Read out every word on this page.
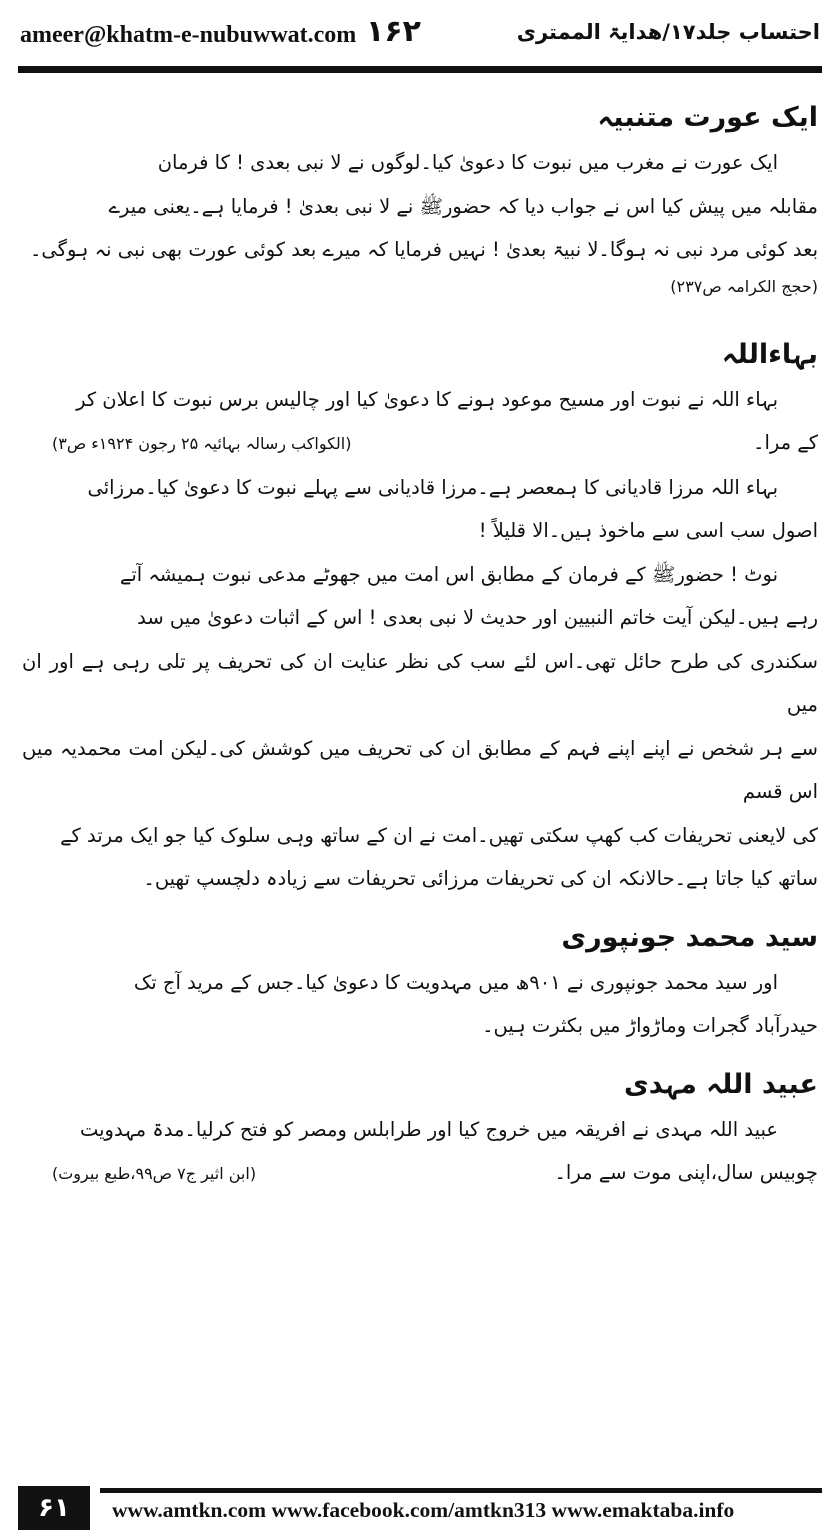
ameer@khatm-e-nubuwwat.com ۱۶۲	احتساب جلد۱۷/ھدایۃ الممتری
ایک عورت متنبیہ

ایک عورت نے مغرب میں نبوت کا دعویٰ کیا۔لوگوں نے لا نبی بعدی ! کا فرمان

مقابلہ میں پیش کیا اس نے جواب دیا کہ حضورﷺ نے لا نبی بعدیٰ ! فرمایا ہے۔یعنی میرے

بعد کوئی مرد نبی نہ ہوگا۔لا نبیۃ بعدیٰ ! نہیں فرمایا کہ میرے بعد کوئی عورت بھی نبی نہ ہوگی۔

(حجج الکرامہ ص۲۳۷)

بہاءاللہ

بہاء اللہ نے نبوت اور مسیح موعود ہونے کا دعویٰ کیا اور چالیس برس نبوت کا اعلان کر

کے مرا۔
(الکواکب رسالہ بہائیہ ۲۵ رجون ۱۹۲۴ء ص۳)

بہاء اللہ مرزا قادیانی کا ہمعصر ہے۔مرزا قادیانی سے پہلے نبوت کا دعویٰ کیا۔مرزائی

اصول سب اسی سے ماخوذ ہیں۔الا قلیلاً !

نوٹ ! حضورﷺ کے فرمان کے مطابق اس امت میں جھوٹے مدعی نبوت ہمیشہ آتے

رہے ہیں۔لیکن آیت خاتم النبیین اور حدیث لا نبی بعدی ! اس کے اثبات دعویٰ میں سد

سکندری کی طرح حائل تھی۔اس لئے سب کی نظر عنایت ان کی تحریف پر تلی رہی ہے اور ان میں

سے ہر شخص نے اپنے اپنے فہم کے مطابق ان کی تحریف میں کوشش کی۔لیکن امت محمدیہ میں اس قسم

کی لایعنی تحریفات کب کھپ سکتی تھیں۔امت نے ان کے ساتھ وہی سلوک کیا جو ایک مرتد کے

ساتھ کیا جاتا ہے۔حالانکہ ان کی تحریفات مرزائی تحریفات سے زیادہ دلچسپ تھیں۔

سید محمد جونپوری

اور سید محمد جونپوری نے ۹۰۱ھ میں مہدویت کا دعویٰ کیا۔جس کے مرید آج تک

حیدرآباد گجرات وماڑواڑ میں بکثرت ہیں۔

عبید اللہ مہدی

عبید اللہ مہدی نے افریقہ میں خروج کیا اور طرابلس ومصر کو فتح کرلیا۔مدۃ مہدویت

چوبیس سال،اپنی موت سے مرا۔
(ابن اثیر ج۷ ص۹۹،طبع بیروت)
۶۱	www.amtkn.com www.facebook.com/amtkn313 www.emaktaba.info
